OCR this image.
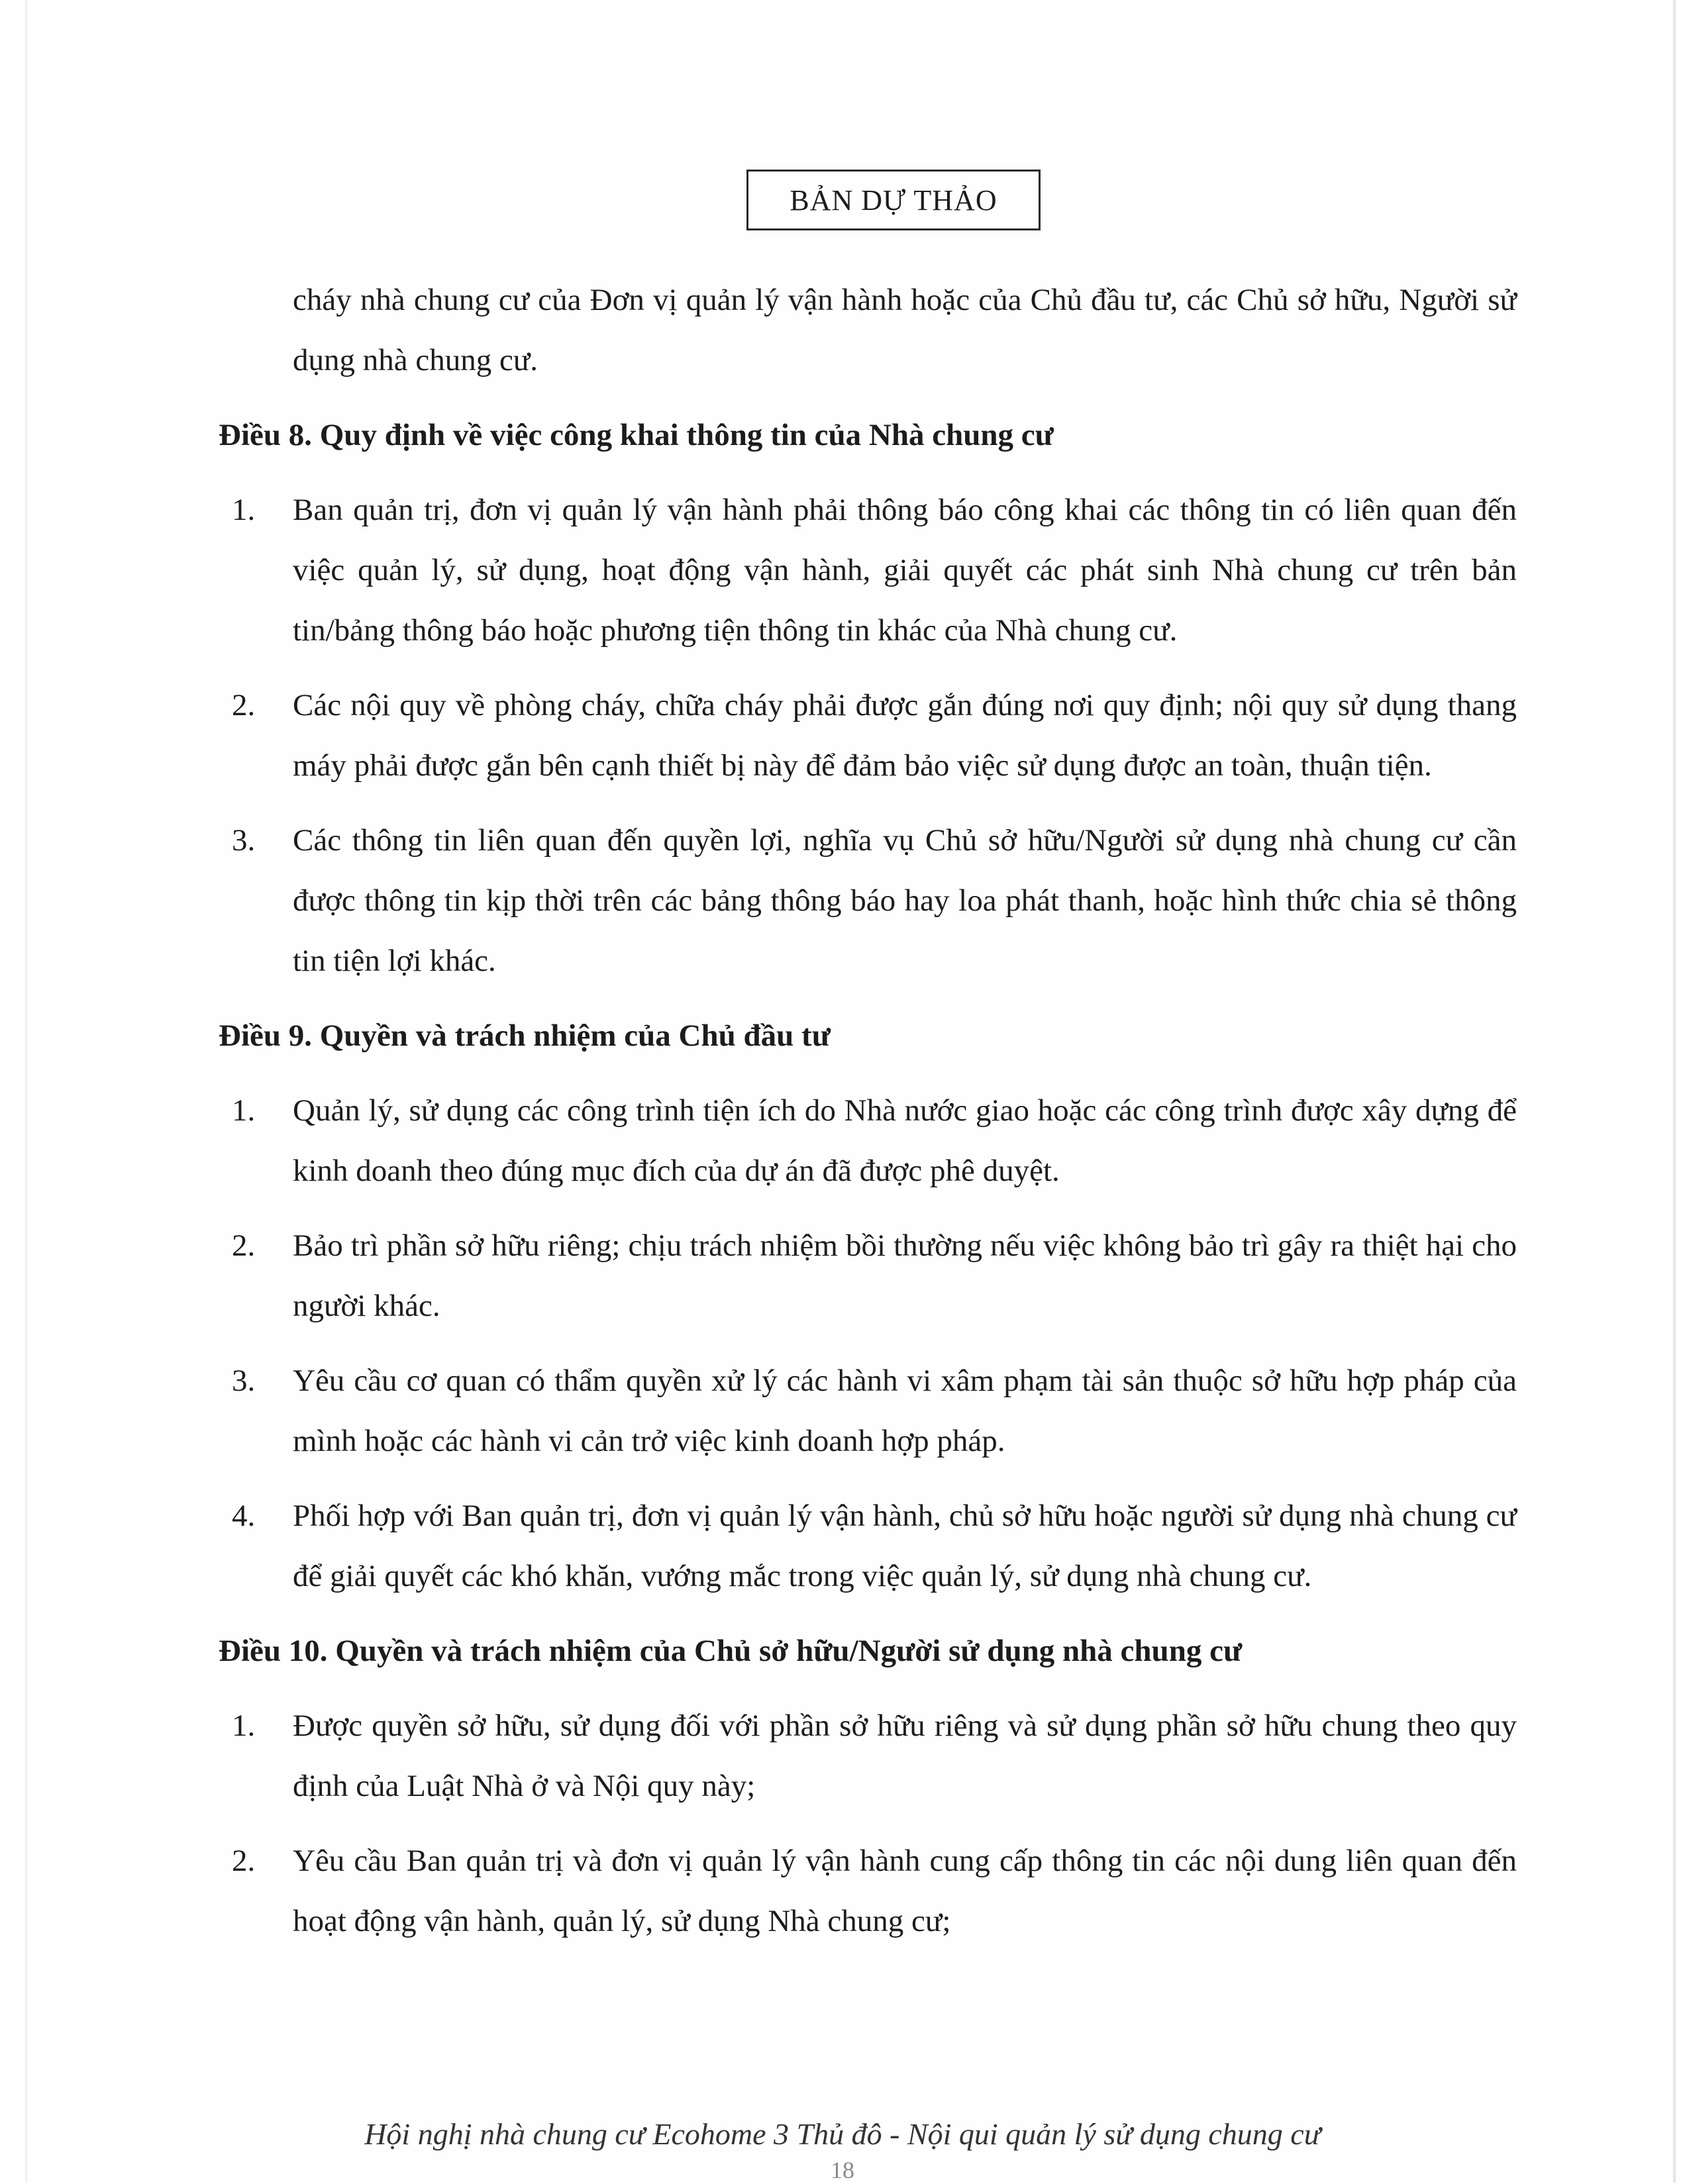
BẢN DỰ THẢO
cháy nhà chung cư của Đơn vị quản lý vận hành hoặc của Chủ đầu tư, các Chủ sở hữu, Người sử dụng nhà chung cư.
Điều 8. Quy định về việc công khai thông tin của Nhà chung cư
1.	Ban quản trị, đơn vị quản lý vận hành phải thông báo công khai các thông tin có liên quan đến việc quản lý, sử dụng, hoạt động vận hành, giải quyết các phát sinh Nhà chung cư trên bản tin/bảng thông báo hoặc phương tiện thông tin khác của Nhà chung cư.
2.	Các nội quy về phòng cháy, chữa cháy phải được gắn đúng nơi quy định; nội quy sử dụng thang máy phải được gắn bên cạnh thiết bị này để đảm bảo việc sử dụng được an toàn, thuận tiện.
3.	Các thông tin liên quan đến quyền lợi, nghĩa vụ Chủ sở hữu/Người sử dụng nhà chung cư cần được thông tin kịp thời trên các bảng thông báo hay loa phát thanh, hoặc hình thức chia sẻ thông tin tiện lợi khác.
Điều 9. Quyền và trách nhiệm của Chủ đầu tư
1.	Quản lý, sử dụng các công trình tiện ích do Nhà nước giao hoặc các công trình được xây dựng để kinh doanh theo đúng mục đích của dự án đã được phê duyệt.
2.	Bảo trì phần sở hữu riêng; chịu trách nhiệm bồi thường nếu việc không bảo trì gây ra thiệt hại cho người khác.
3.	Yêu cầu cơ quan có thẩm quyền xử lý các hành vi xâm phạm tài sản thuộc sở hữu hợp pháp của mình hoặc các hành vi cản trở việc kinh doanh hợp pháp.
4.	Phối hợp với Ban quản trị, đơn vị quản lý vận hành, chủ sở hữu hoặc người sử dụng nhà chung cư để giải quyết các khó khăn, vướng mắc trong việc quản lý, sử dụng nhà chung cư.
Điều 10. Quyền và trách nhiệm của Chủ sở hữu/Người sử dụng nhà chung cư
1.	Được quyền sở hữu, sử dụng đối với phần sở hữu riêng và sử dụng phần sở hữu chung theo quy định của Luật Nhà ở và Nội quy này;
2.	Yêu cầu Ban quản trị và đơn vị quản lý vận hành cung cấp thông tin các nội dung liên quan đến hoạt động vận hành, quản lý, sử dụng Nhà chung cư;
Hội nghị nhà chung cư Ecohome 3 Thủ đô - Nội qui quản lý sử dụng chung cư
18
